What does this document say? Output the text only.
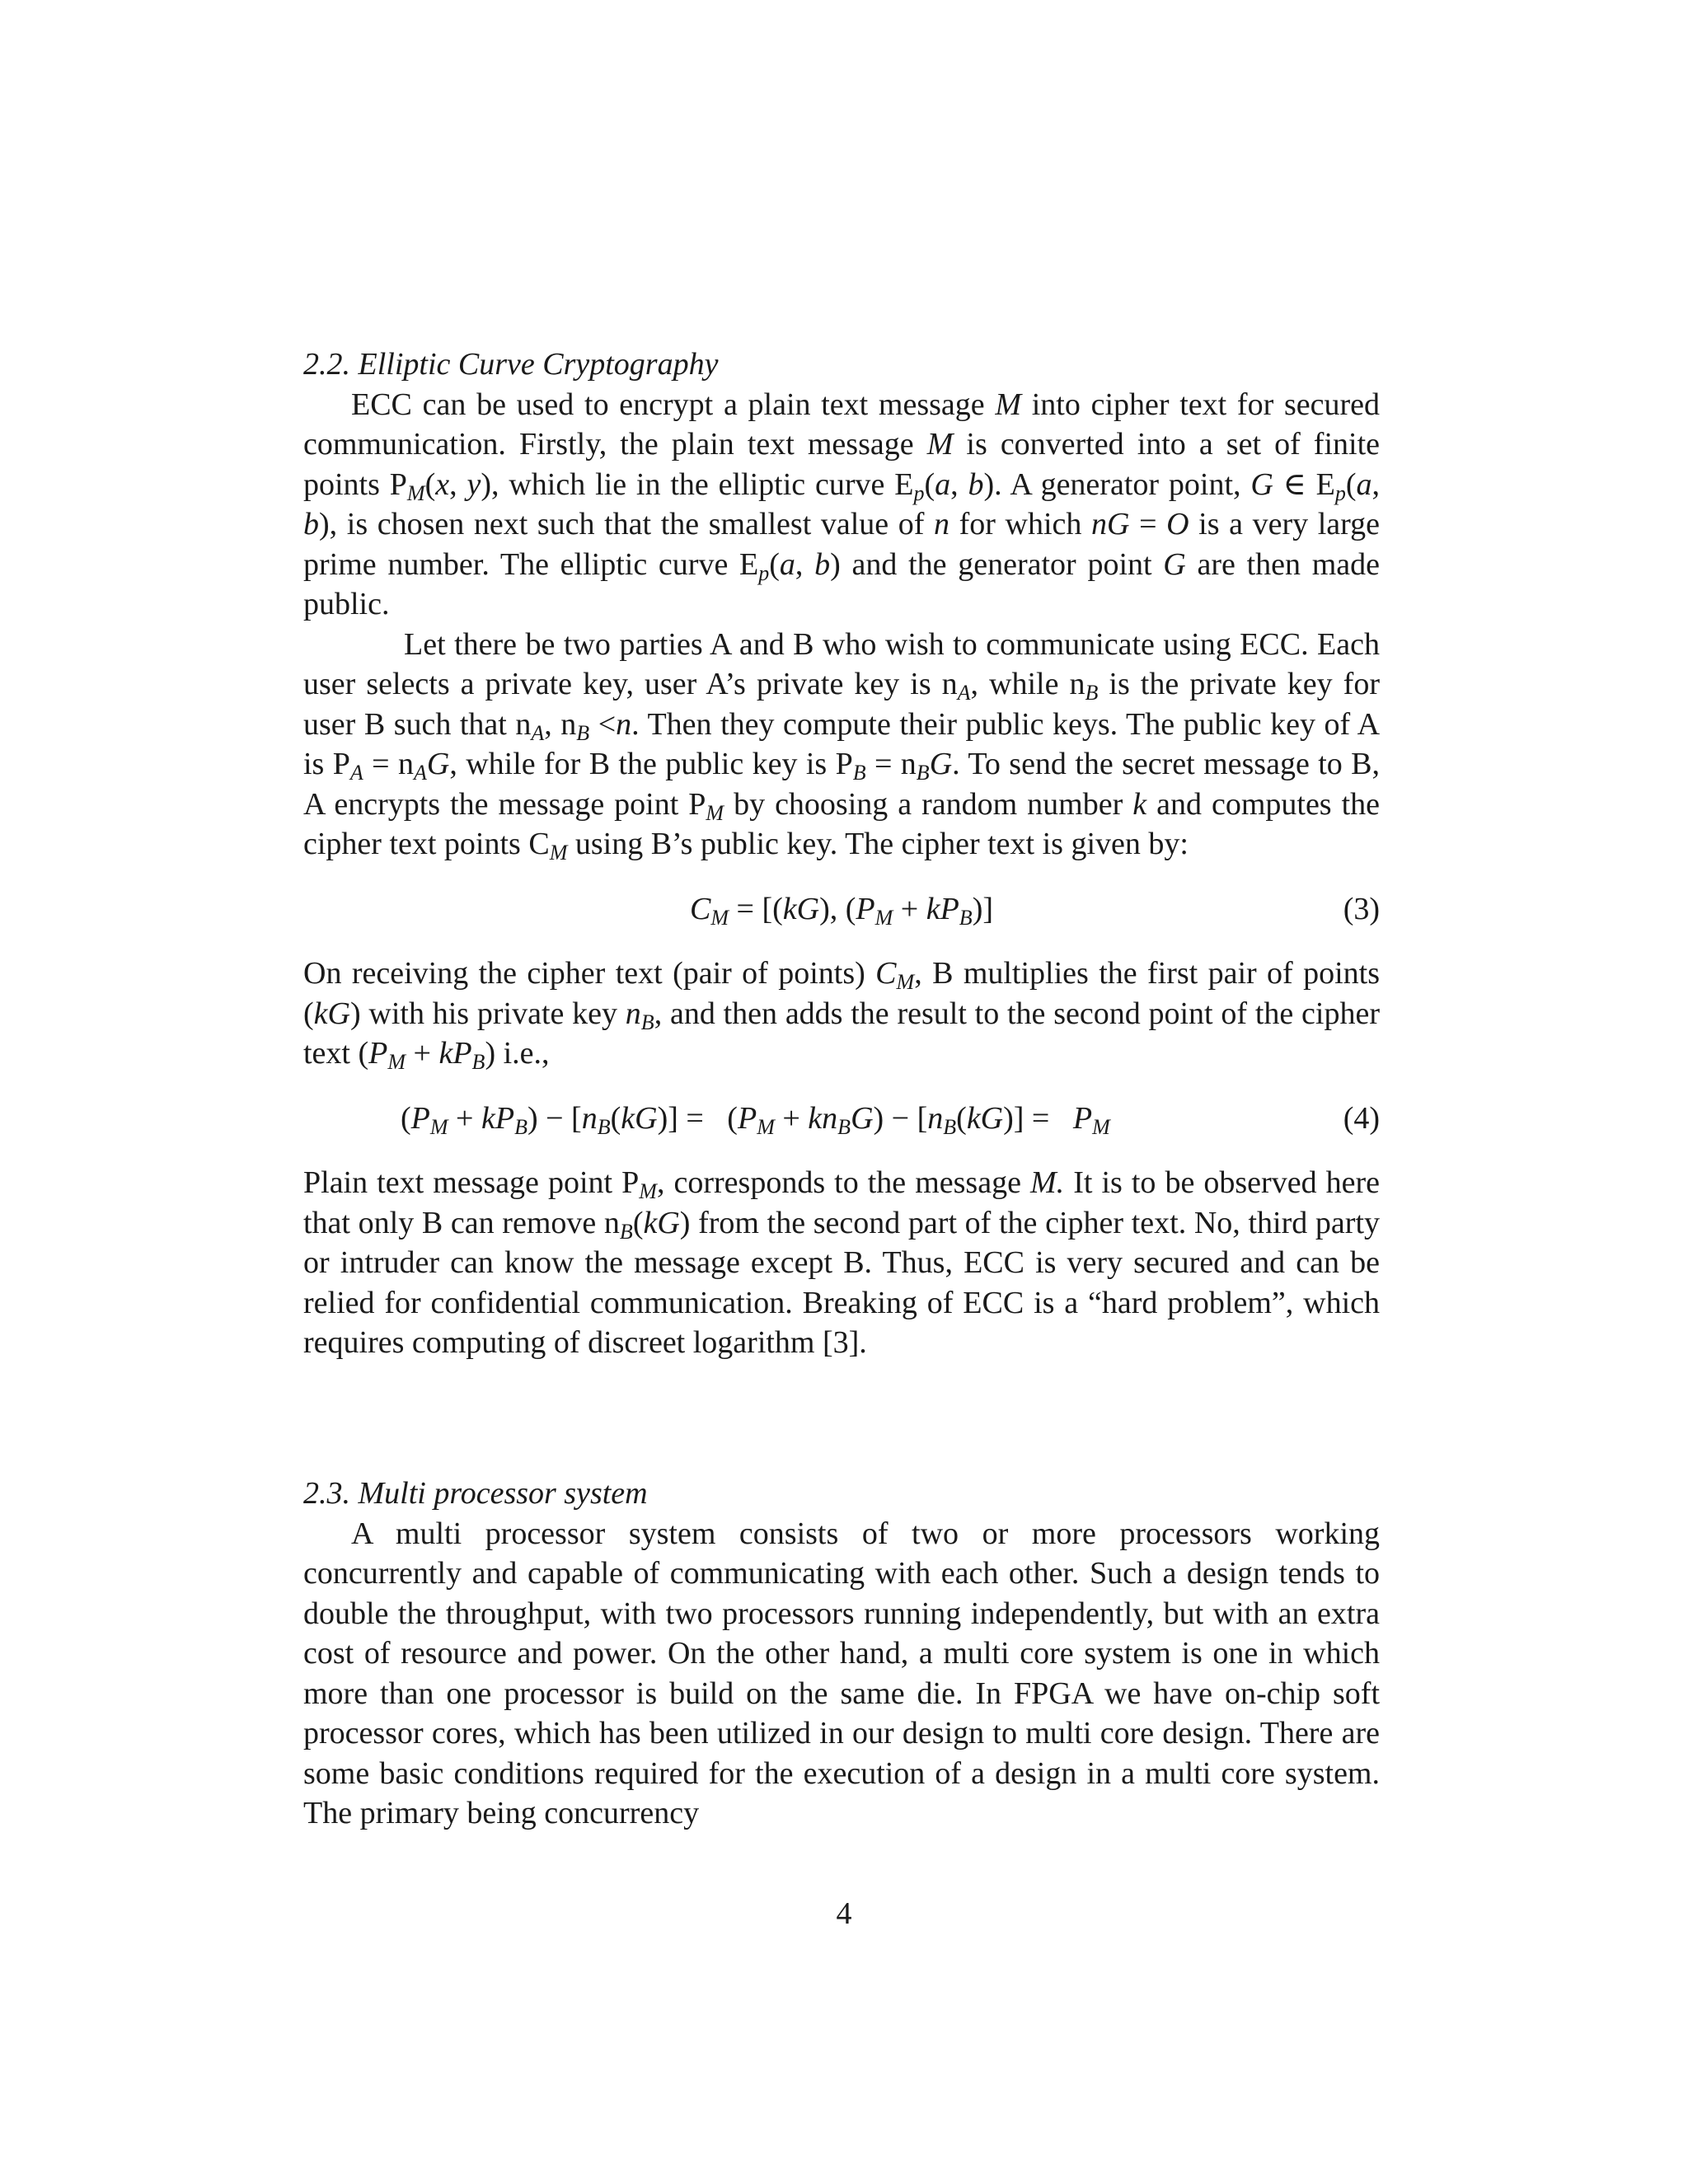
2.2. Elliptic Curve Cryptography

ECC can be used to encrypt a plain text message M into cipher text for secured communication. Firstly, the plain text message M is converted into a set of finite points $P_M(x$, y), which lie in the elliptic curve $E_p(a$, b). A generator point, G ∈ $E_p(a$, b), is chosen next such that the smallest value of n for which nG = O is a very large prime number. The elliptic curve $E_p(a$, b) and the generator point G are then made public.

Let there be two parties A and B who wish to communicate using ECC. Each user selects a private key, user A’s private key is $n_A$, while $n_B$ is the private key for user B such that $n_A$, $n_B <n$. Then they compute their public keys. The public key of A is $P_A = n_AG$, while for B the public key is $P_B = n_BG$. To send the secret message to B, A encrypts the message point $P_M$ by choosing a random number k and computes the cipher text points $C_M$ using B’s public key. The cipher text is given by:

$C_M = [(kG)$, $(P_M + kP_B)$]	(3)

On receiving the cipher text (pair of points) $C_M$, B multiplies the first pair of points (kG) with his private key $n_B$, and then adds the result to the second point of the cipher text $(P_M + kP_B)$ i.e.,

$(P_M + kP_B) - [n_B(kG)] = (P_M + kn_BG) - [n_B(kG)] = P_M$	(4)

Plain text message point $P_M$, corresponds to the message M. It is to be observed here that only B can remove $n_B(kG)$ from the second part of the cipher text. No, third party or intruder can know the message except B. Thus, ECC is very secured and can be relied for confidential communication. Breaking of ECC is a “hard problem”, which requires computing of discreet logarithm [3].

2.3. Multi processor system

A multi processor system consists of two or more processors working concurrently and capable of communicating with each other. Such a design tends to double the throughput, with two processors running independently, but with an extra cost of resource and power. On the other hand, a multi core system is one in which more than one processor is build on the same die. In FPGA we have on-chip soft processor cores, which has been utilized in our design to multi core design. There are some basic conditions required for the execution of a design in a multi core system. The primary being concurrency

4
